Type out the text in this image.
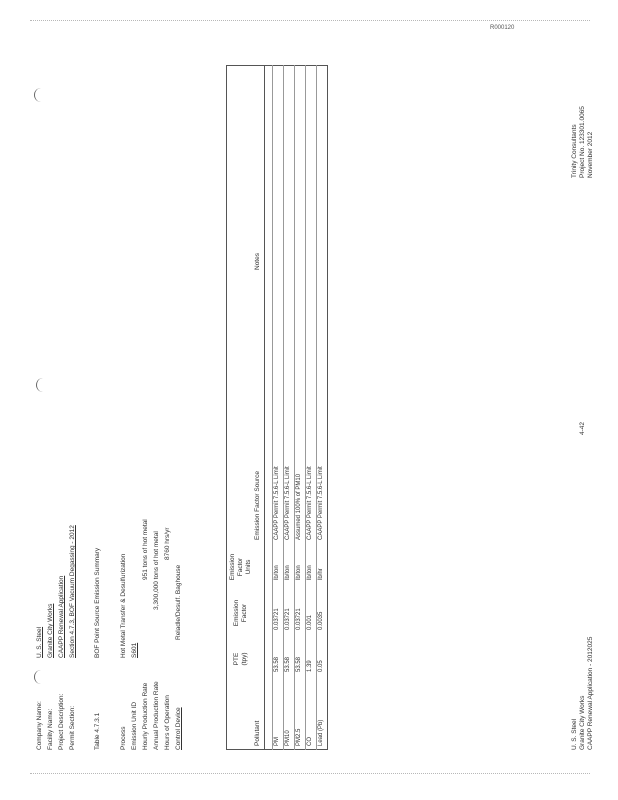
R000120
Company Name:
U. S. Steel
Facility Name:
Granite City Works
Project Description:
CAAPP Renewal Application
Permit Section:
Section 4.7.3, BOF Vacuum Degassing - 2012
Table 4.7.3.1
BOF Point Source Emission Summary
Process
Hot Metal Transfer & Desulfurization
Emission Unit ID
S601
Hourly Production Rate
951 tons of hot metal
Annual Production Rate
3,300,000 tons of hot metal
Hours of Operation
8760 hrs/yr
Control Device
Reladle/Desulf. Baghouse
Pollutant
PTE (tpy)
Emission Factor
Emission Factor Units
Emission Factor Source
Notes
PM
53.58
0.03721
lb/ton
CAAPP Permit 7.5.6-L Limit
PM10
53.58
0.03721
lb/ton
CAAPP Permit 7.5.6-L Limit
PM2.5
53.58
0.03721
lb/ton
Assumed 100% of PM10
CO
1.39
0.001
lb/ton
CAAPP Permit 7.5.6-L Limit
Lead (Pb)
0.05
0.0035
lb/hr
CAAPP Permit 7.5.6-L Limit
U. S. Steel Granite City Works CAAPP Renewal Application - 2012025
4-42
Trinity Consultants Project No. 123301.0065 November 2012
